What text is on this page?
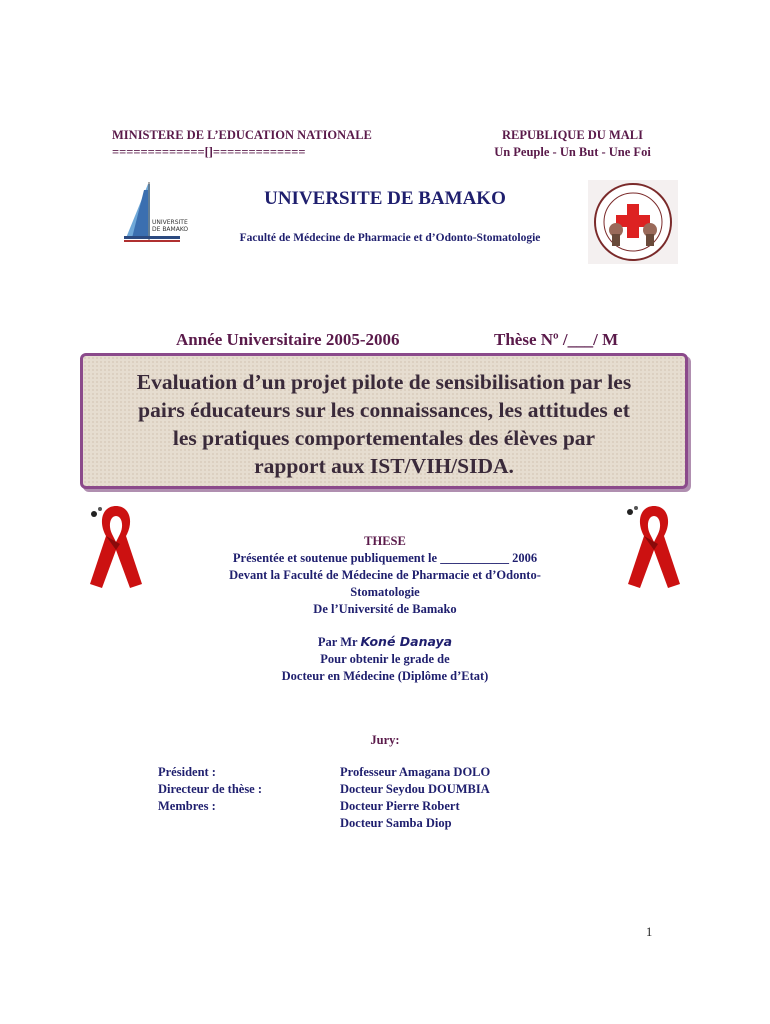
MINISTERE DE L’EDUCATION NATIONALE
=============[]=============
REPUBLIQUE DU MALI
Un Peuple - Un But - Une Foi
UNIVERSITE
DE BAMAKO
UNIVERSITE DE BAMAKO
Faculté de Médecine de Pharmacie et d’Odonto-Stomatologie
Année Universitaire 2005-2006	Thèse Nº /___/ M
Evaluation d’un projet pilote de sensibilisation par les
pairs éducateurs sur les connaissances, les attitudes et
les pratiques comportementales des élèves par
rapport aux IST/VIH/SIDA.
THESE
Présentée et soutenue publiquement le ___________ 2006
Devant la Faculté de Médecine de Pharmacie et d’Odonto-
Stomatologie
De l’Université de Bamako
Par Mr Koné Danaya
Pour obtenir le grade de
Docteur en Médecine (Diplôme d’Etat)
Jury:
Président :
Directeur de thèse :
Membres :
Professeur Amagana DOLO
Docteur Seydou DOUMBIA
Docteur Pierre Robert
Docteur Samba Diop
1
